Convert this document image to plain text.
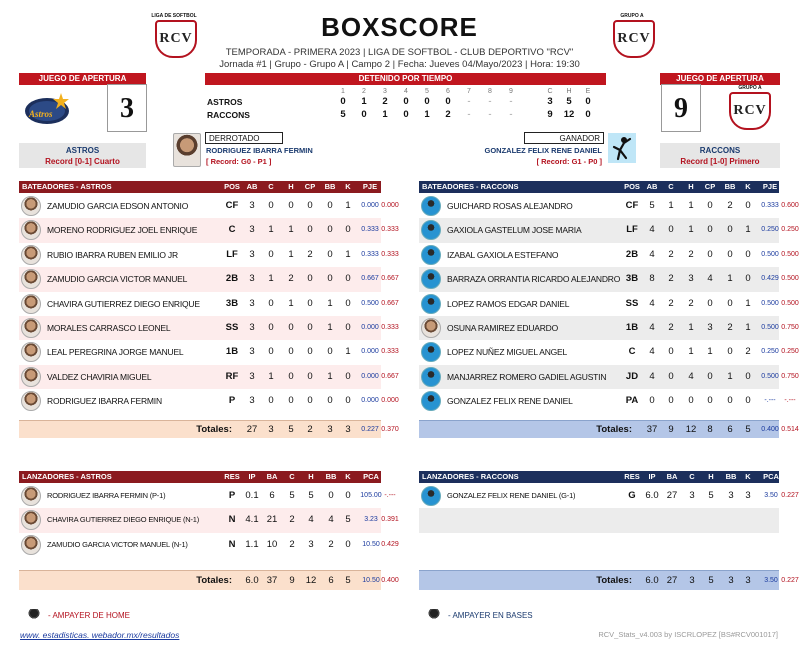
LIGA DE SOFTBOL
RCV
GRUPO A
RCV
BOXSCORE
TEMPORADA - PRIMERA 2023 | LIGA DE SOFTBOL - CLUB DEPORTIVO "RCV"
Jornada #1 | Grupo - Grupo A | Campo 2 | Fecha: Jueves 04/Mayo/2023 | Hora: 19:30
JUEGO DE APERTURA	DETENIDO POR TIEMPO	JUEGO DE APERTURA
Astros	3	9
GRUPO A
RCV
1	2	3	4	5	6	7	8	9	C	H	E
ASTROS	0	1	2	0	0	0	-	-	-	3	5	0
RACCONS	5	0	1	0	1	2	-	-	-	9	12	0
ASTROS
Record [0-1] Cuarto
RACCONS
Record [1-0] Primero
DERROTADO
RODRIGUEZ IBARRA FERMIN
[ Record: G0 - P1 ]
GANADOR
GONZALEZ FELIX RENE DANIEL
[ Record: G1 - P0 ]
BATEADORES - ASTROS	POS AB	C	H	CP	BB	K	PJE OBP
ZAMUDIO GARCIA EDSON ANTONIO	CF	3	0	0	0	0	1	0.000 0.000
MORENO RODRIGUEZ JOEL ENRIQUE	C	3	1	1	0	0	0	0.333 0.333
RUBIO IBARRA RUBEN EMILIO JR	LF	3	0	1	2	0	1	0.333 0.333
ZAMUDIO GARCIA VICTOR MANUEL	2B	3	1	2	0	0	0	0.667 0.667
CHAVIRA GUTIERREZ DIEGO ENRIQUE	3B	3	0	1	0	1	0	0.500 0.667
MORALES CARRASCO LEONEL	SS	3	0	0	0	1	0	0.000 0.333
LEAL PEREGRINA JORGE MANUEL	1B	3	0	0	0	0	1	0.000 0.333
VALDEZ CHAVIRIA MIGUEL	RF	3	1	0	0	1	0	0.000 0.667
RODRIGUEZ IBARRA FERMIN	P	3	0	0	0	0	0	0.000 0.000
Totales:	27	3	5	2	3	3	0.227 0.370
BATEADORES - RACCONS	POS AB	C	H	CP	BB	K	PJE OBP
GUICHARD ROSAS ALEJANDRO	CF	5	1	1	0	2	0	0.333 0.600
GAXIOLA GASTELUM JOSE MARIA	LF	4	0	1	0	0	1	0.250 0.250
IZABAL GAXIOLA ESTEFANO	2B	4	2	2	0	0	0	0.500 0.500
BARRAZA ORRANTIA RICARDO ALEJANDRO 3B	8	2	3	4	1	0	0.429 0.500
LOPEZ RAMOS EDGAR DANIEL	SS	4	2	2	0	0	1	0.500 0.500
OSUNA RAMIREZ EDUARDO	1B	4	2	1	3	2	1	0.500 0.750
LOPEZ NUÑEZ MIGUEL ANGEL	C	4	0	1	1	0	2	0.250 0.250
MANJARREZ ROMERO GADIEL AGUSTIN	JD	4	0	4	0	1	0	0.500 0.750
GONZALEZ FELIX RENE DANIEL	PA	0	0	0	0	0	0	-.---	-.---
Totales:	37	9	12	8	6	5	0.400 0.514
LANZADORES - ASTROS	RES	IP	BA	C	H	BB	K	PCA POP
RODRIGUEZ IBARRA FERMIN (P-1)	P	0.1	6	5	5	0	0	105.00 -.---
CHAVIRA GUTIERREZ DIEGO ENRIQUE (N-1)	N	4.1 21	2	4	4	5	3.23 0.391
ZAMUDIO GARCIA VICTOR MANUEL (N-1)	N	1.1 10	2	3	2	0	10.50 0.429
Totales: 6.0 37	9	12	6	5	10.50 0.400
LANZADORES - RACCONS	RES	IP	BA	C	H	BB	K	PCA POP
GONZALEZ FELIX RENE DANIEL (G-1)	G	6.0 27	3	5	3	3	3.50 0.227
Totales: 6.0 27	3	5	3	3	3.50 0.227
- AMPAYER DE HOME	- AMPAYER EN BASES
www. estadisticas. webador.mx/resultados	RCV_Stats_v4.003 by ISCRLOPEZ [BS#RCV001017]
